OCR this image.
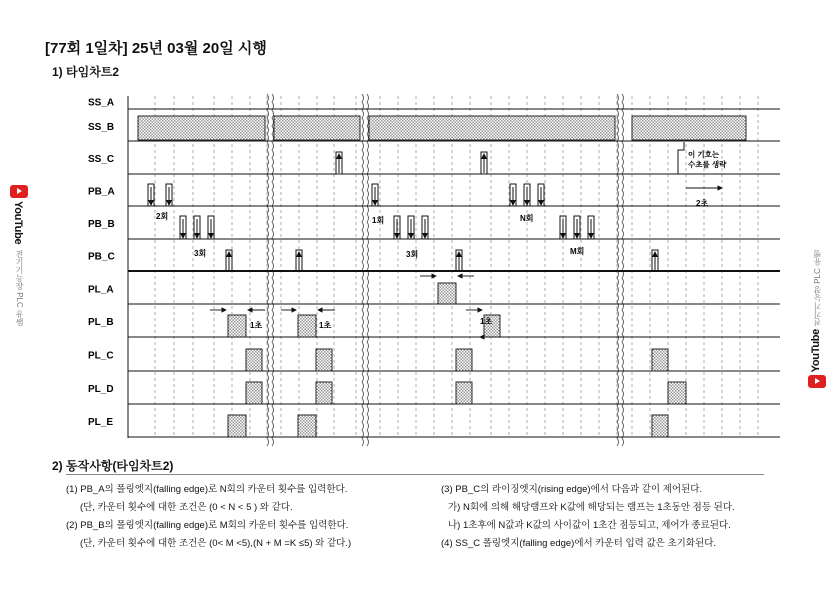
[77회 1일차] 25년 03월 20일 시행
1) 타임차트2
YouTube
전기기능장 PLC 유쌤	전기기능장 PLC 유쌤
YouTube
SS_A
SS_B
SS_C
PB_A
PB_B
PB_C
PL_A
PL_B
PL_C
PL_D
PL_E
2회
3회
1회
3회
N회
M회
1초	1초	1초
2초
이 기호는
수초를 생략
2) 동작사항(타임차트2)
(1) PB_A의 폴링엣지(falling edge)로 N회의 카운터 횟수를 입력한다.
(단, 카운터 횟수에 대한 조건은 (0 < N < 5 ) 와 같다.
(2) PB_B의 폴링엣지(falling edge)로 M회의 카운터 횟수를 입력한다.
(단, 카운터 횟수에 대한 조건은 (0< M <5),(N + M =K ≤5) 와 같다.)
(3) PB_C의 라이징엣지(rising edge)에서 다음과 같이 제어된다.
가) N회에 의해 해당램프와 K값에 해당되는 램프는 1초동안 점등 된다.
나) 1초후에 N값과 K값의 사이값이 1초간 점등되고, 제어가 종료된다.
(4) SS_C 폴링엣지(falling edge)에서 카운터 입력 값은 초기화된다.
